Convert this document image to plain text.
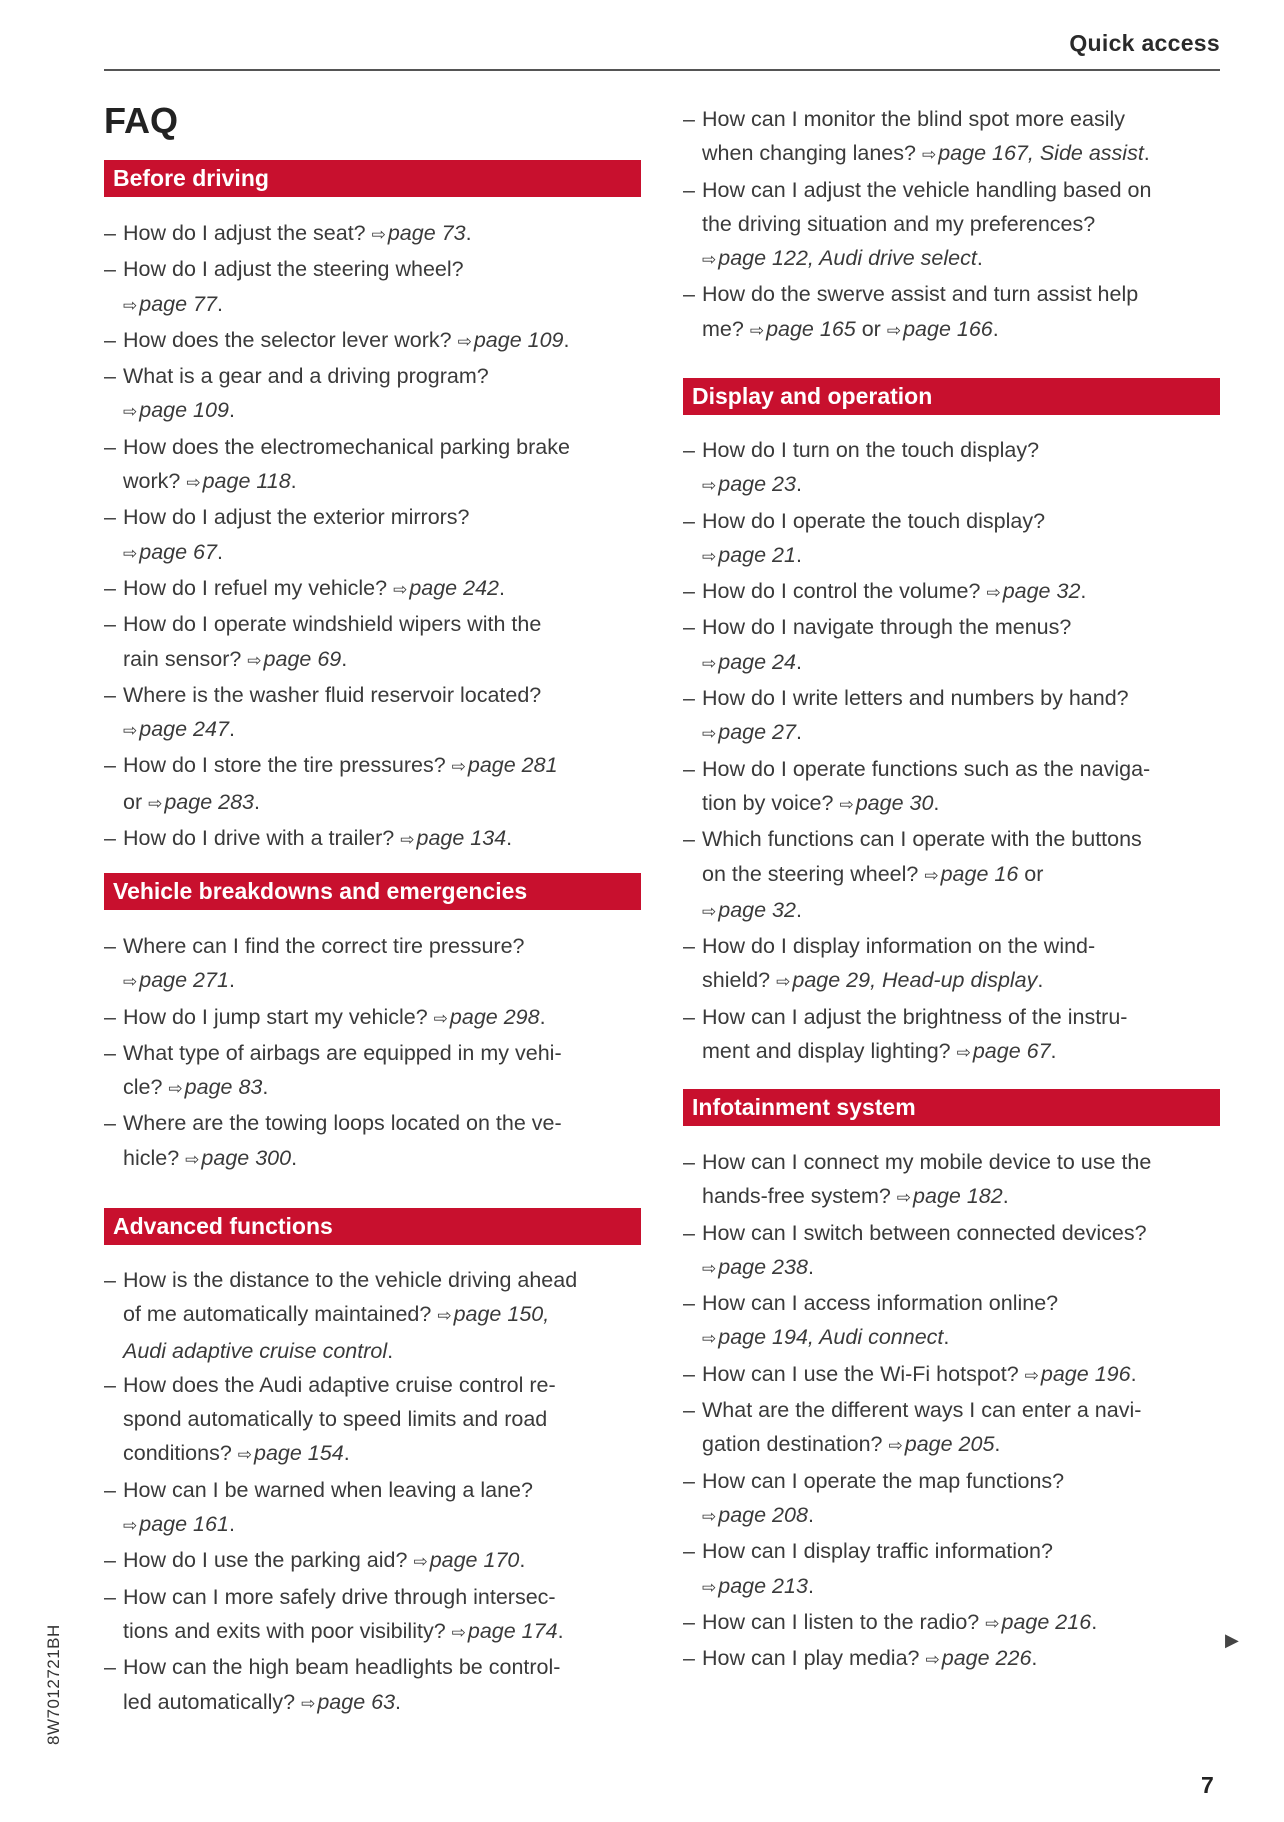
Quick access
FAQ
Before driving
– How do I adjust the seat? ⇨page 73.
– How do I adjust the steering wheel?
⇨page 77.
– How does the selector lever work? ⇨page 109.
– What is a gear and a driving program?
⇨page 109.
– How does the electromechanical parking brake
work? ⇨page 118.
– How do I adjust the exterior mirrors?
⇨page 67.
– How do I refuel my vehicle? ⇨page 242.
– How do I operate windshield wipers with the
rain sensor? ⇨page 69.
– Where is the washer fluid reservoir located?
⇨page 247.
– How do I store the tire pressures? ⇨page 281
or ⇨page 283.
– How do I drive with a trailer? ⇨page 134.
Vehicle breakdowns and emergencies
– Where can I find the correct tire pressure?
⇨page 271.
– How do I jump start my vehicle? ⇨page 298.
– What type of airbags are equipped in my vehi-
cle? ⇨page 83.
– Where are the towing loops located on the ve-
hicle? ⇨page 300.
Advanced functions
– How is the distance to the vehicle driving ahead
of me automatically maintained? ⇨page 150,
Audi adaptive cruise control.
– How does the Audi adaptive cruise control re-
spond automatically to speed limits and road
conditions? ⇨page 154.
– How can I be warned when leaving a lane?
⇨page 161.
– How do I use the parking aid? ⇨page 170.
– How can I more safely drive through intersec-
tions and exits with poor visibility? ⇨page 174.
– How can the high beam headlights be control-
led automatically? ⇨page 63.
– How can I monitor the blind spot more easily
when changing lanes? ⇨page 167, Side assist.
– How can I adjust the vehicle handling based on
the driving situation and my preferences?
⇨page 122, Audi drive select.
– How do the swerve assist and turn assist help
me? ⇨page 165 or ⇨page 166.
Display and operation
– How do I turn on the touch display?
⇨page 23.
– How do I operate the touch display?
⇨page 21.
– How do I control the volume? ⇨page 32.
– How do I navigate through the menus?
⇨page 24.
– How do I write letters and numbers by hand?
⇨page 27.
– How do I operate functions such as the naviga-
tion by voice? ⇨page 30.
– Which functions can I operate with the buttons
on the steering wheel? ⇨page 16 or
⇨page 32.
– How do I display information on the wind-
shield? ⇨page 29, Head-up display.
– How can I adjust the brightness of the instru-
ment and display lighting? ⇨page 67.
Infotainment system
– How can I connect my mobile device to use the
hands-free system? ⇨page 182.
– How can I switch between connected devices?
⇨page 238.
– How can I access information online?
⇨page 194, Audi connect.
– How can I use the Wi-Fi hotspot? ⇨page 196.
– What are the different ways I can enter a navi-
gation destination? ⇨page 205.
– How can I operate the map functions?
⇨page 208.
– How can I display traffic information?
⇨page 213.
– How can I listen to the radio? ⇨page 216.
– How can I play media? ⇨page 226.
8W7012721BH	▶
7
